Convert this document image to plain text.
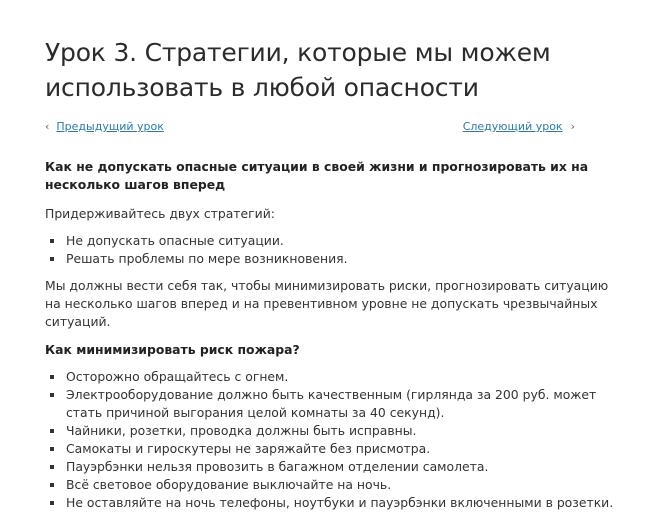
Урок 3. Стратегии, которые мы можем использовать в любой опасности
‹ Предыдущий урок	Следующий урок ›

Как не допускать опасные ситуации в своей жизни и прогнозировать их на несколько шагов вперед

Придерживайтесь двух стратегий:

Не допускать опасные ситуации.
Решать проблемы по мере возникновения.

Мы должны вести себя так, чтобы минимизировать риски, прогнозировать ситуацию на несколько шагов вперед и на превентивном уровне не допускать чрезвычайных ситуаций.

Как минимизировать риск пожара?

Осторожно обращайтесь с огнем.
Электрооборудование должно быть качественным (гирлянда за 200 руб. может стать причиной выгорания целой комнаты за 40 секунд).
Чайники, розетки, проводка должны быть исправны.
Самокаты и гироскутеры не заряжайте без присмотра.
Пауэрбэнки нельзя провозить в багажном отделении самолета.
Всё световое оборудование выключайте на ночь.
Не оставляйте на ночь телефоны, ноутбуки и пауэрбэнки включенными в розетки.
